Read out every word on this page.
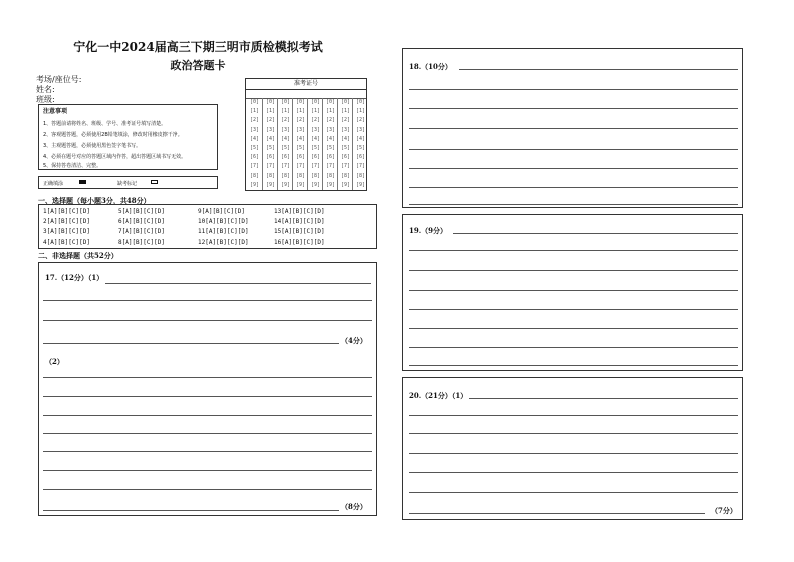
宁化一中2024届高三下期三明市质检模拟考试
政治答题卡
考场/座位号:
姓名:
班级:
注意事项
1、答题前请将姓名、班级、学号、准考证号填写清楚。
2、客观题答题，必须使用2B铅笔填涂，修改时用橡皮擦干净。
3、主观题答题，必须使用黑色签字笔书写。
4、必须在题号对应的答题区域内作答，超出答题区域书写无效。
5、保持答卷清洁、完整。
正确填涂	缺考标记
准考证号
[0]
[1]
[2]
[3]
[4]
[5]
[6]
[7]
[8]
[9]
[0]
[1]
[2]
[3]
[4]
[5]
[6]
[7]
[8]
[9]
[0]
[1]
[2]
[3]
[4]
[5]
[6]
[7]
[8]
[9]
[0]
[1]
[2]
[3]
[4]
[5]
[6]
[7]
[8]
[9]
[0]
[1]
[2]
[3]
[4]
[5]
[6]
[7]
[8]
[9]
[0]
[1]
[2]
[3]
[4]
[5]
[6]
[7]
[8]
[9]
[0]
[1]
[2]
[3]
[4]
[5]
[6]
[7]
[8]
[9]
[0]
[1]
[2]
[3]
[4]
[5]
[6]
[7]
[8]
[9]
一、选择题（每小题3分，共48分）
1[A][B][C][D]
2[A][B][C][D]
3[A][B][C][D]
4[A][B][C][D]
5[A][B][C][D]
6[A][B][C][D]
7[A][B][C][D]
8[A][B][C][D]
9[A][B][C][D]
10[A][B][C][D]
11[A][B][C][D]
12[A][B][C][D]
13[A][B][C][D]
14[A][B][C][D]
15[A][B][C][D]
16[A][B][C][D]
二、非选择题（共52分）
17.（12分）（1）
（4分）
（2）
（8分）
18.（10分）
19.（9分）
20.（21分）（1）
（7分）
